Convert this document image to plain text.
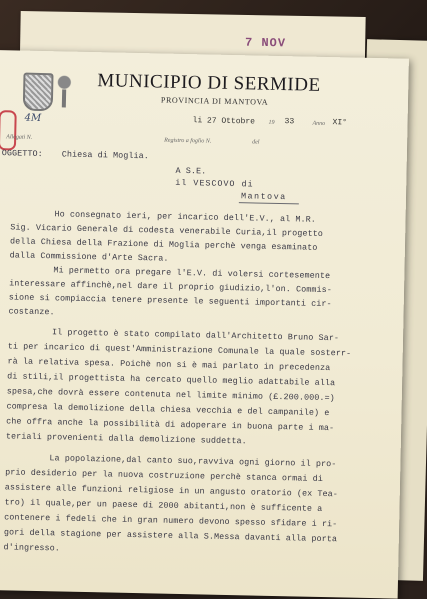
7 NOV
MUNICIPIO DI SERMIDE
PROVINCIA DI MANTOVA
li 27 Ottobre 19 33	Anno XI°
4M
Allegati N.
Registro a foglio N.	del
OGGETTO: Chiesa di Moglia.
A S.E.
il VESCOVO di
Mantova
Ho consegnato ieri, per incarico dell'E.V., al M.R.
Sig. Vicario Generale di codesta venerabile Curia,il progetto
della Chiesa della Frazione di Moglia perchè venga esaminato
dalla Commissione d'Arte Sacra.
Mi permetto ora pregare l'E.V. di volersi cortesemente
interessare affinchè,nel dare il proprio giudizio,l'on. Commis-
sione si compiaccia tenere presente le seguenti importanti cir-
costanze.
Il progetto è stato compilato dall'Architetto Bruno Sar-
ti per incarico di quest'Amministrazione Comunale la quale sosterr-
rà la relativa spesa. Poichè non si è mai parlato in precedenza
di stili,il progettista ha cercato quello meglio adattabile alla
spesa,che dovrà essere contenuta nel limite minimo (£.200.000.=)
compresa la demolizione della chiesa vecchia e del campanile) e
che offra anche la possibilità di adoperare in buona parte i ma-
teriali provenienti dalla demolizione suddetta.
La popolazione,dal canto suo,ravviva ogni giorno il pro-
prio desiderio per la nuova costruzione perchè stanca ormai di
assistere alle funzioni religiose in un angusto oratorio (ex Tea-
tro) il quale,per un paese di 2000 abitanti,non è sufficente a
contenere i fedeli che in gran numero devono spesso sfidare i ri-
gori della stagione per assistere alla S.Messa davanti alla porta
d'ingresso.
